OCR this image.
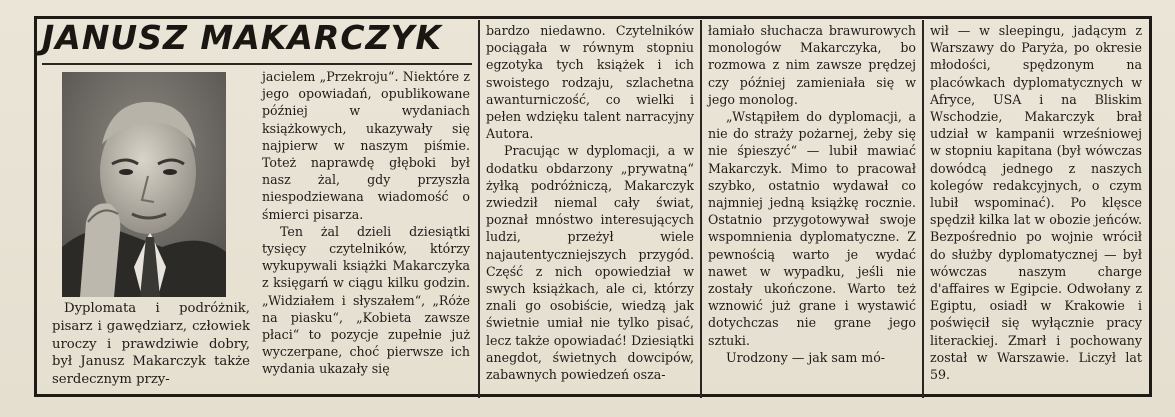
JANUSZ MAKARCZYK
Dyplomata i podróżnik, pisarz i gawędziarz, człowiek uroczy i prawdziwie dobry, był Janusz Makarczyk także serdecznym przy-

jacielem „Przekroju“. Niektóre z jego opowiadań, opublikowane później w wydaniach książkowych, ukazywały się najpierw w naszym piśmie. Toteż naprawdę głęboki był nasz żal, gdy przyszła niespodziewana wiadomość o śmierci pisarza.

Ten żal dzieli dziesiątki tysięcy czytelników, którzy wykupywali książki Makarczyka z księgarń w ciągu kilku godzin. „Widziałem i słyszałem“, „Róże na piasku“, „Kobieta zawsze płaci“ to pozycje zupełnie już wyczerpane, choć pierwsze ich wydania ukazały się

bardzo niedawno. Czytelników pociągała w równym stopniu egzotyka tych książek i ich swoistego rodzaju, szlachetna awanturniczość, co wielki i pełen wdzięku talent narracyjny Autora.

Pracując w dyplomacji, a w dodatku obdarzony „prywatną“ żyłką podróżniczą, Makarczyk zwiedził niemal cały świat, poznał mnóstwo interesujących ludzi, przeżył wiele najautentyczniejszych przygód. Część z nich opowiedział w swych książkach, ale ci, którzy znali go osobiście, wiedzą jak świetnie umiał nie tylko pisać, lecz także opowiadać! Dziesiątki anegdot, świetnych dowcipów, zabawnych powiedzeń osza-

łamiało słuchacza brawurowych monologów Makarczyka, bo rozmowa z nim zawsze prędzej czy później zamieniała się w jego monolog.

„Wstąpiłem do dyplomacji, a nie do straży pożarnej, żeby się nie śpieszyć“ — lubił mawiać Makarczyk. Mimo to pracował szybko, ostatnio wydawał co najmniej jedną książkę rocznie. Ostatnio przygotowywał swoje wspomnienia dyplomatyczne. Z pewnością warto je wydać nawet w wypadku, jeśli nie zostały ukończone. Warto też wznowić już grane i wystawić dotychczas nie grane jego sztuki.

Urodzony — jak sam mó-

wił — w sleepingu, jadącym z Warszawy do Paryża, po okresie młodości, spędzonym na placówkach dyplomatycznych w Afryce, USA i na Bliskim Wschodzie, Makarczyk brał udział w kampanii wrześniowej w stopniu kapitana (był wówczas dowódcą jednego z naszych kolegów redakcyjnych, o czym lubił wspominać). Po klęsce spędził kilka lat w obozie jeńców. Bezpośrednio po wojnie wrócił do służby dyplomatycznej — był wówczas naszym charge d'affaires w Egipcie. Odwołany z Egiptu, osiadł w Krakowie i poświęcił się wyłącznie pracy literackiej. Zmarł i pochowany został w Warszawie. Liczył lat 59.
